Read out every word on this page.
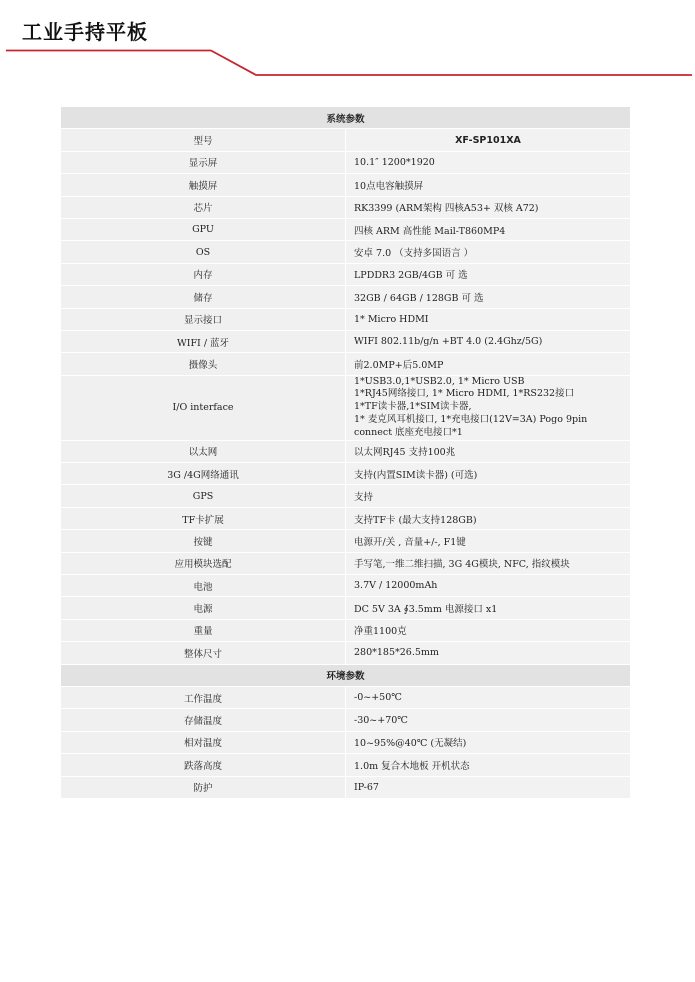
工业手持平板
系统参数	
型号	XF-SP101XA
显示屏	10.1″ 1200*1920
触摸屏	10点电容触摸屏
芯片	RK3399 (ARM架构 四核A53+ 双核 A72)
GPU	四核 ARM 高性能 Mail-T860MP4
OS	安卓 7.0 （支持多国语言 ）
内存	LPDDR3 2GB/4GB 可 选
储存	32GB / 64GB / 128GB 可 选
显示接口	1* Micro HDMI
WIFI / 蓝牙	WIFI 802.11b/g/n +BT 4.0 (2.4Ghz/5G)
摄像头	前2.0MP+后5.0MP
I/O interface	1*USB3.0,1*USB2.0, 1* Micro USB
1*RJ45网络接口, 1* Micro HDMI, 1*RS232接口
1*TF读卡器,1*SIM读卡器,
1* 麦克风耳机接口, 1*充电接口(12V=3A) Pogo 9pin connect 底座充电接口*1

以太网	以太网RJ45 支持100兆
3G /4G网络通讯	支持(内置SIM读卡器) (可选)
GPS	支持
TF卡扩展	支持TF卡 (最大支持128GB)
按键	电源开/关 , 音量+/-, F1键
应用模块选配	手写笔,一维二维扫描, 3G 4G模块, NFC, 指纹模块
电池	3.7V / 12000mAh
电源	DC 5V 3A ∮3.5mm 电源接口 x1
重量	净重1100克
整体尺寸	280*185*26.5mm
环境参数	
工作温度	-0~+50℃
存储温度	-30~+70℃
相对温度	10~95%@40℃ (无凝结)
跌落高度	1.0m 复合木地板 开机状态
防护	IP-67
